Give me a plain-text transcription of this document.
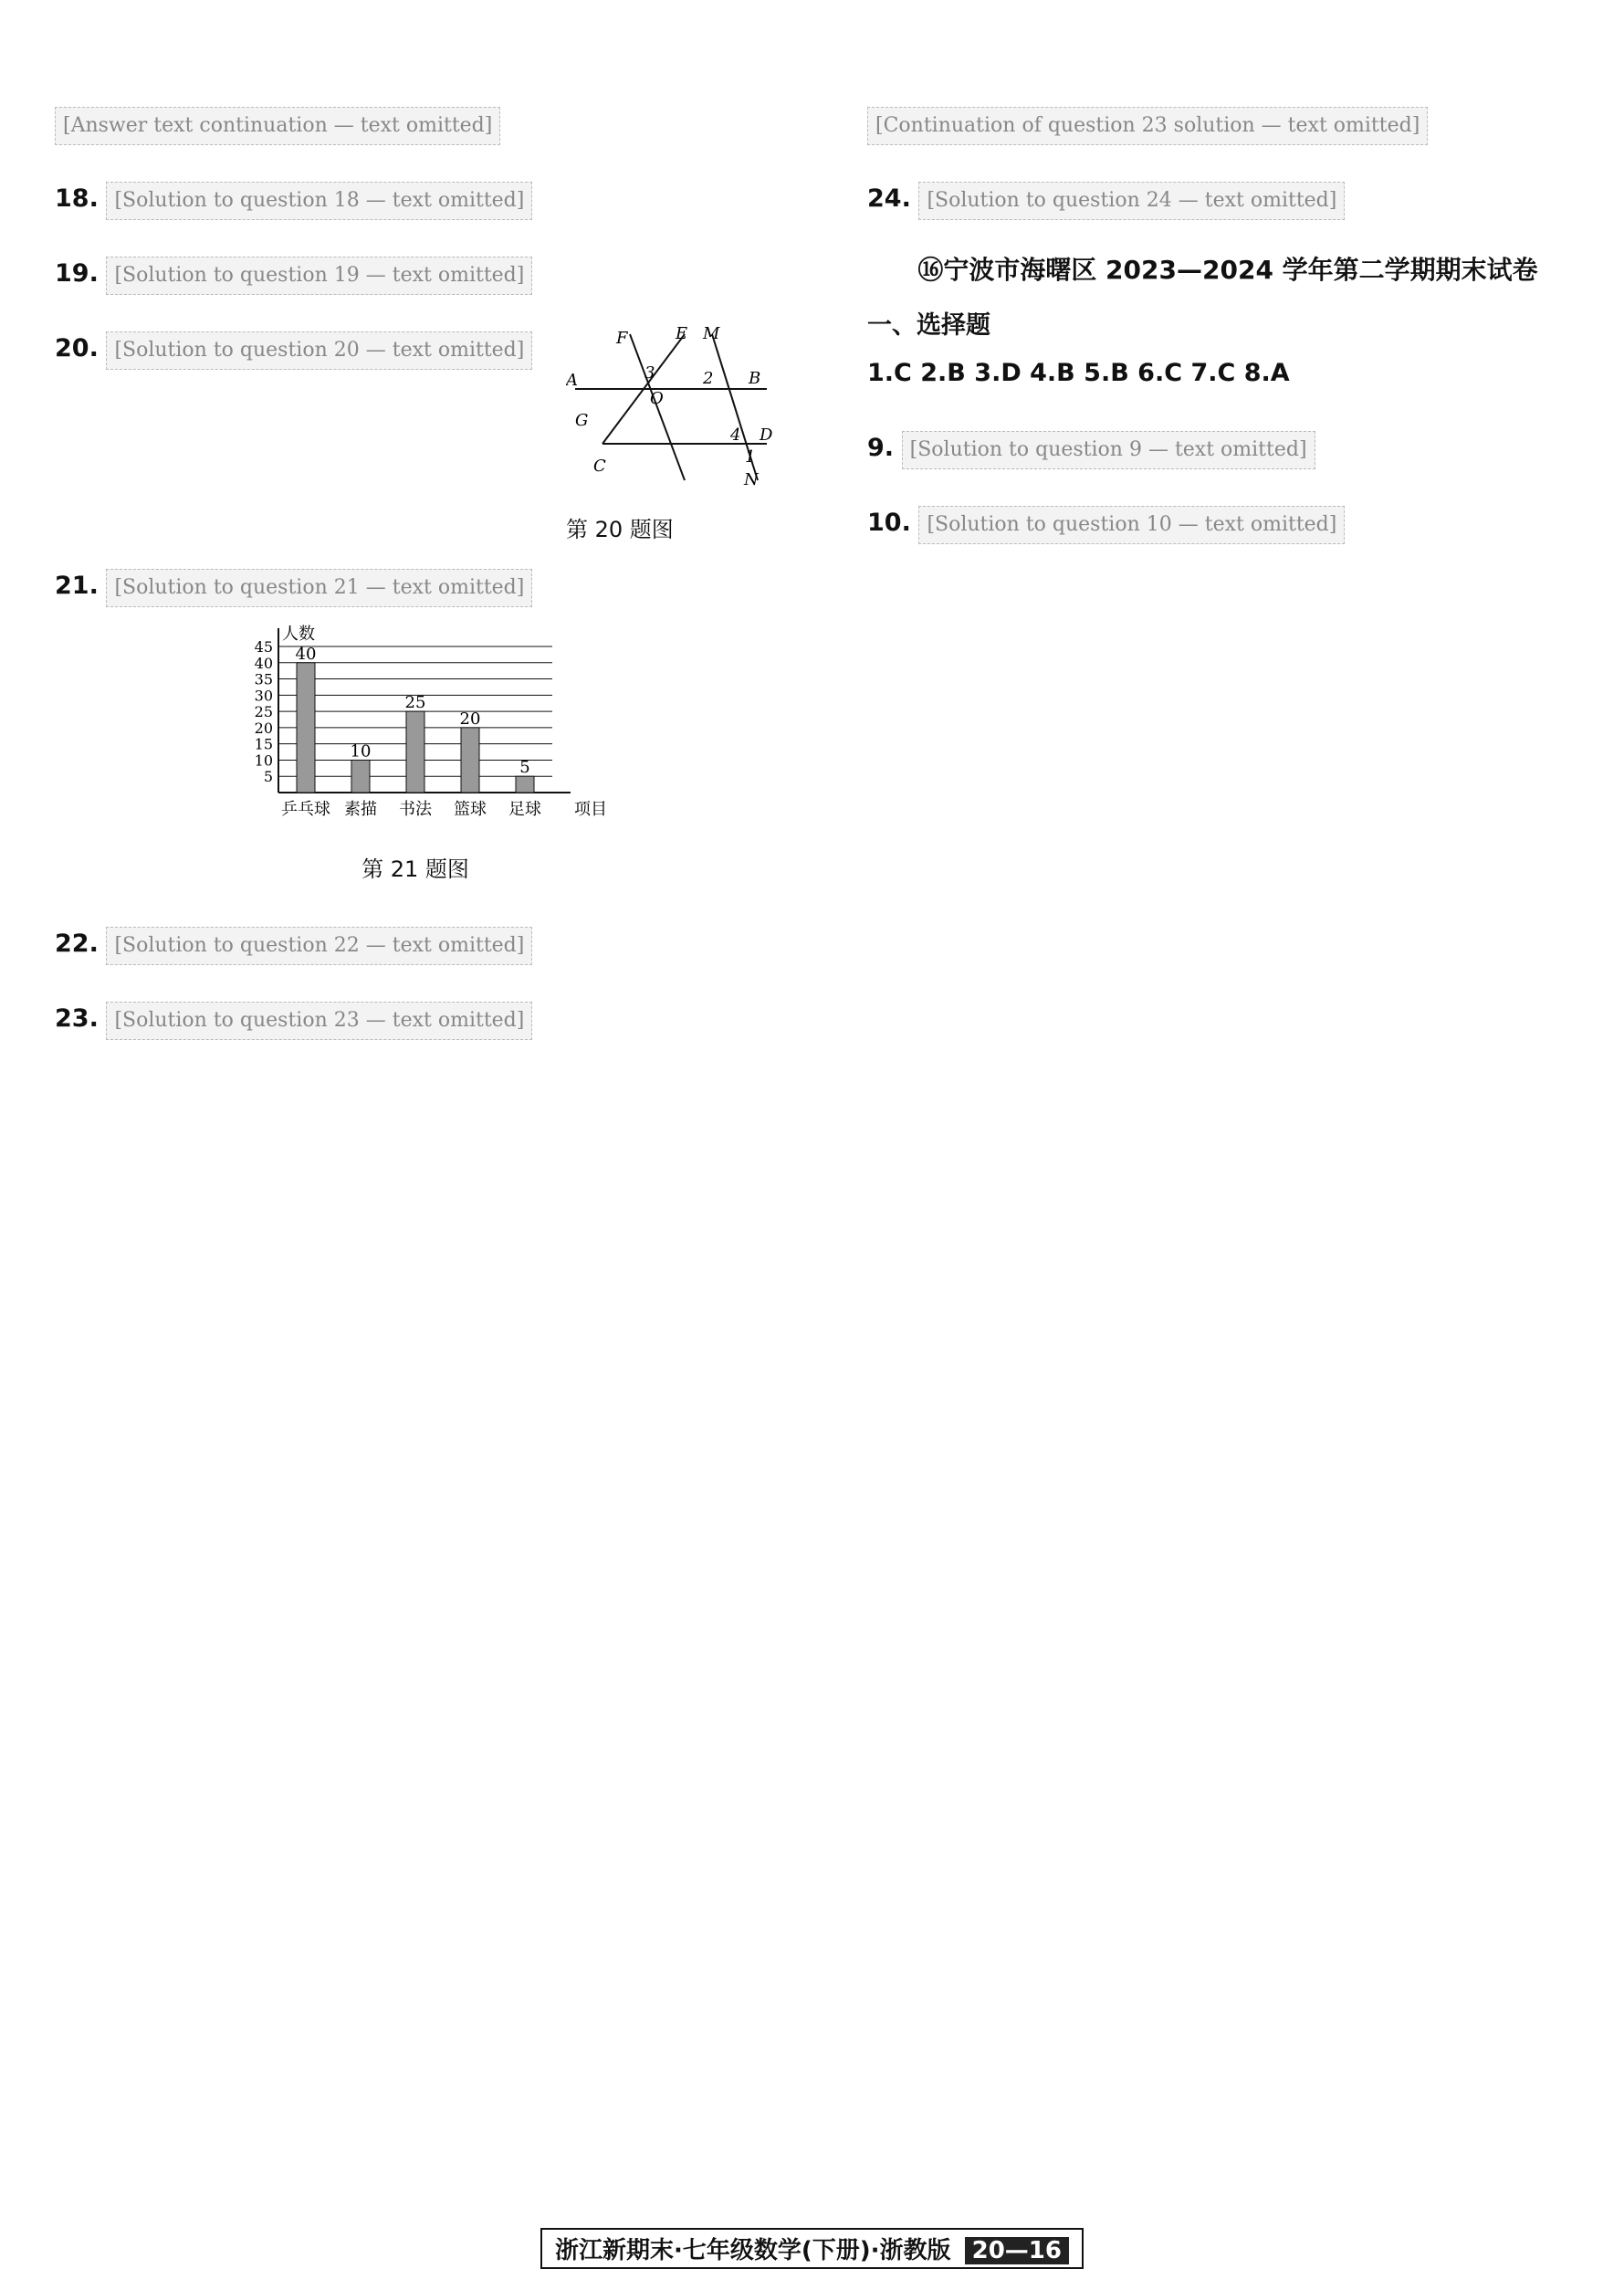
[Answer text continuation — text omitted]
18. [Solution to question 18 — text omitted]
19. [Solution to question 19 — text omitted]
20. [Solution to question 20 — text omitted]
F	E M
A	3
O
2 B
G
4 D
C	1
N
第 20 题图
21. [Solution to question 21 — text omitted]
5
10
15
20
25
30
35
40
45
人数
项目
40
乒乓球
10
素描
25
书法
20
篮球
5
足球
第 21 题图
22. [Solution to question 22 — text omitted]
23. [Solution to question 23 — text omitted]
[Continuation of question 23 solution — text omitted]
24. [Solution to question 24 — text omitted]
⑯宁波市海曙区 2023—2024 学年第二学期期末试卷
一、选择题
1.C 2.B 3.D 4.B 5.B 6.C 7.C 8.A
9. [Solution to question 9 — text omitted]
10. [Solution to question 10 — text omitted]
浙江新期末·七年级数学(下册)·浙教版 20—16
